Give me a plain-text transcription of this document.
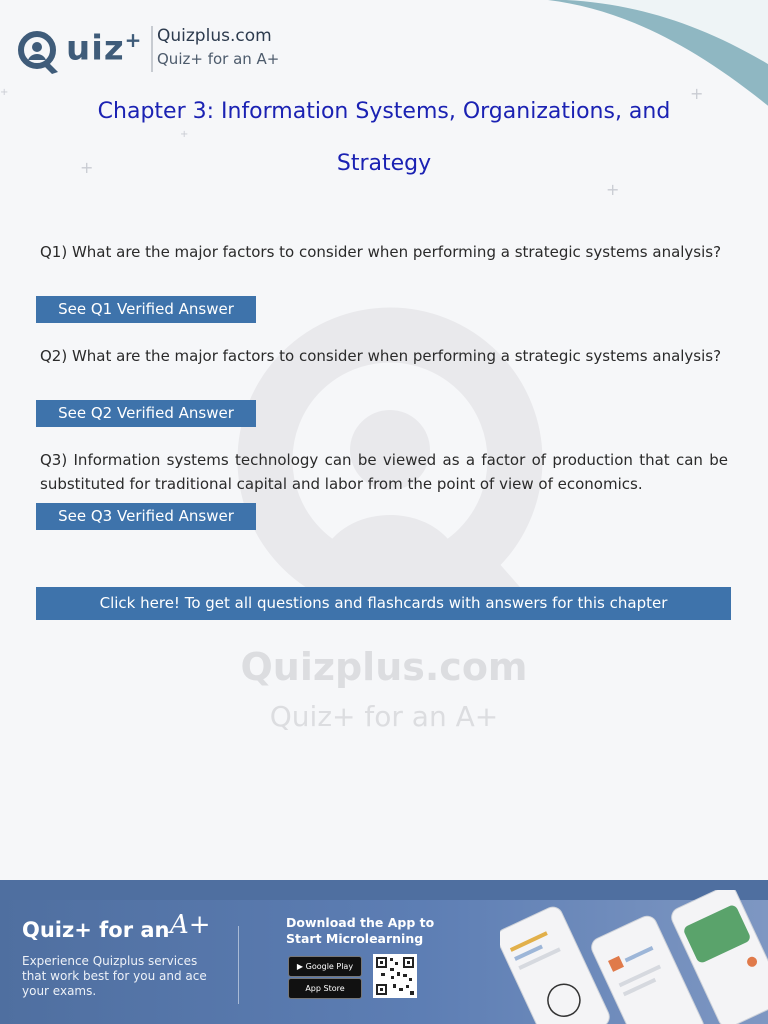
+
+
+
+
+
Quizplus.com
Quiz+ for an A+
uiz+ Quizplus.com
Quiz+ for an A+
Chapter 3: Information Systems, Organizations, and
Strategy
Q1) What are the major factors to consider when performing a strategic systems analysis?
See Q1 Verified Answer
Q2) What are the major factors to consider when performing a strategic systems analysis?
See Q2 Verified Answer
Q3) Information systems technology can be viewed as a factor of production that can be substituted for traditional capital and labor from the point of view of economics.
See Q3 Verified Answer
Click here! To get all questions and flashcards with answers for this chapter
Quiz+ for an A+
Experience Quizplus services that work best for you and ace your exams.
Download the App to Start Microlearning
▶ Google Play
App Store
